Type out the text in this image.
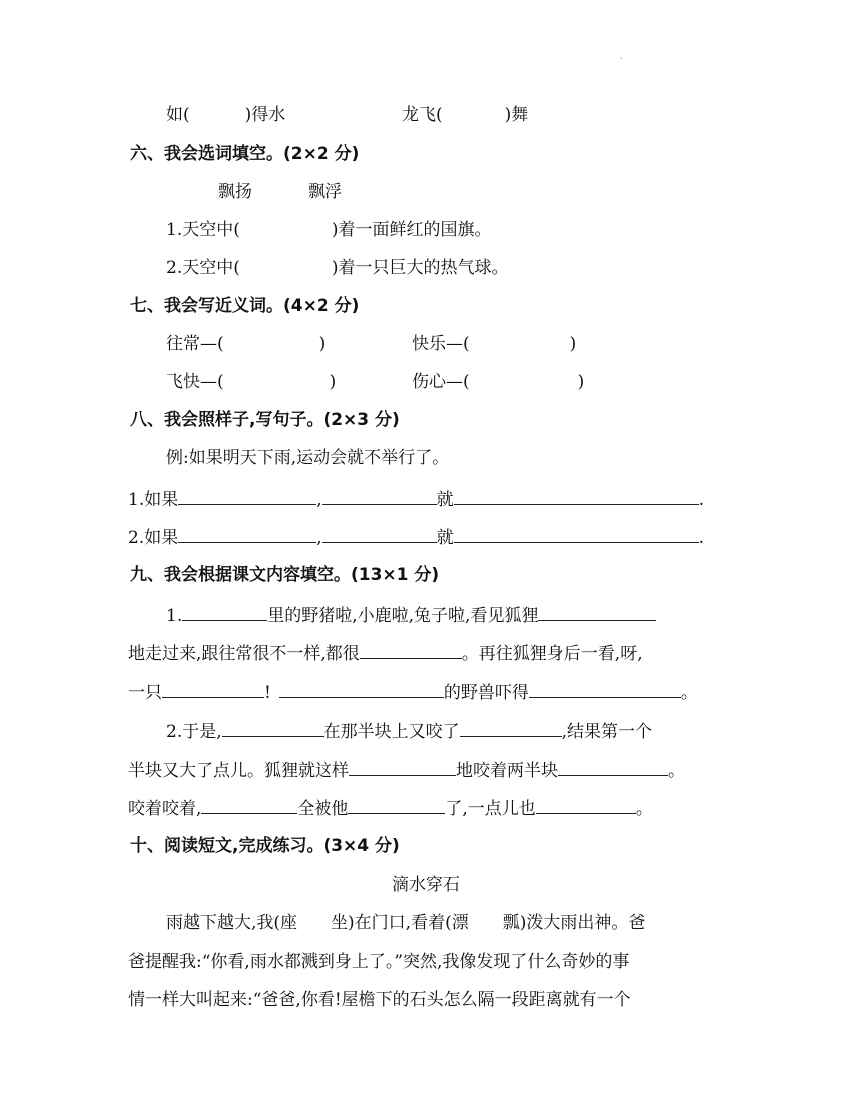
ˋ
如(	)得水	龙飞(	)舞
六、我会选词填空。(2×2 分)
飘扬	飘浮
1.天空中(	)着一面鲜红的国旗。
2.天空中(	)着一只巨大的热气球。
七、我会写近义词。(4×2 分)
往常—(	)	快乐—(	)
飞快—(	)	伤心—(	)
八、我会照样子,写句子。(2×3 分)
例:如果明天下雨,运动会就不举行了。
1.如果	,	就	.
2.如果	,	就	.
九、我会根据课文内容填空。(13×1 分)
1.	里的野猪啦,小鹿啦,兔子啦,看见狐狸
地走过来,跟往常很不一样,都很	。再往狐狸身后一看,呀,
一只	!	的野兽吓得	。
2.于是,	在那半块上又咬了	,结果第一个
半块又大了点儿。狐狸就这样	地咬着两半块	。
咬着咬着,	全被他	了,一点儿也	。
十、阅读短文,完成练习。(3×4 分)
滴水穿石
雨越下越大,我(座 坐)在门口,看着(漂 瓢)泼大雨出神。爸
爸提醒我:“你看,雨水都溅到身上了。”突然,我像发现了什么奇妙的事
情一样大叫起来:“爸爸,你看!屋檐下的石头怎么隔一段距离就有一个
